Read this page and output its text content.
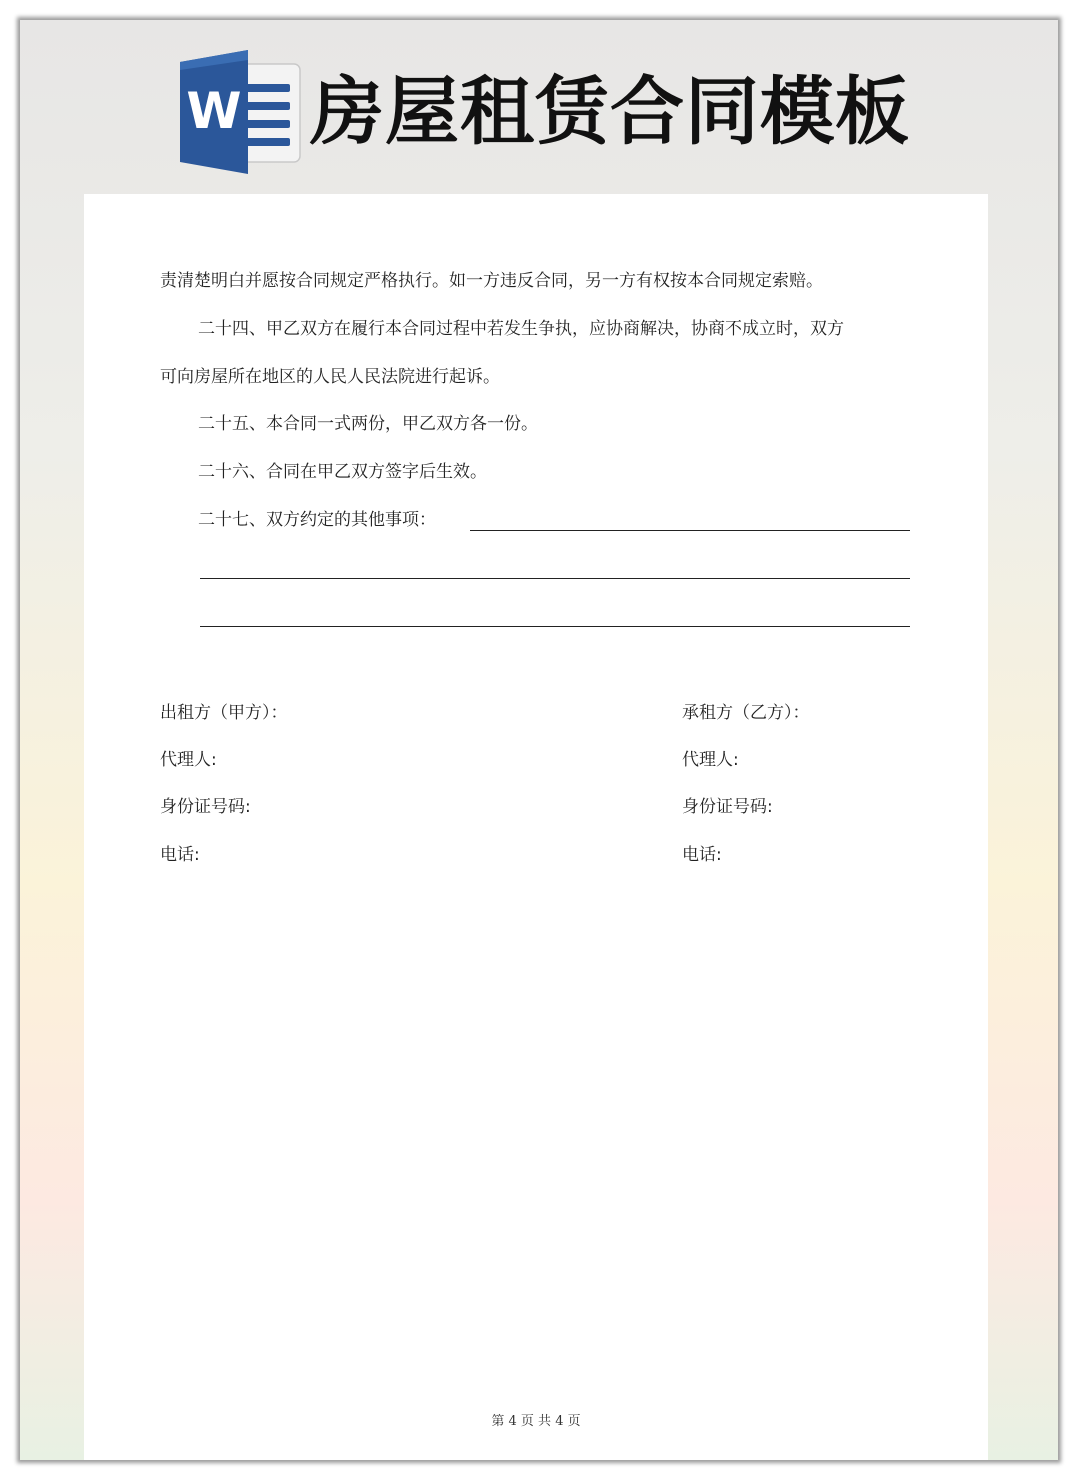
W 房屋租赁合同模板
责清楚明白并愿按合同规定严格执行。如一方违反合同，另一方有权按本合同规定索赔。
二十四、甲乙双方在履行本合同过程中若发生争执，应协商解决，协商不成立时，双方
可向房屋所在地区的人民人民法院进行起诉。
二十五、本合同一式两份，甲乙双方各一份。
二十六、合同在甲乙双方签字后生效。
二十七、双方约定的其他事项：
出租方（甲方）：
代理人:
身份证号码:
电话:
承租方（乙方）：
代理人:
身份证号码:
电话:
第 4 页 共 4 页
